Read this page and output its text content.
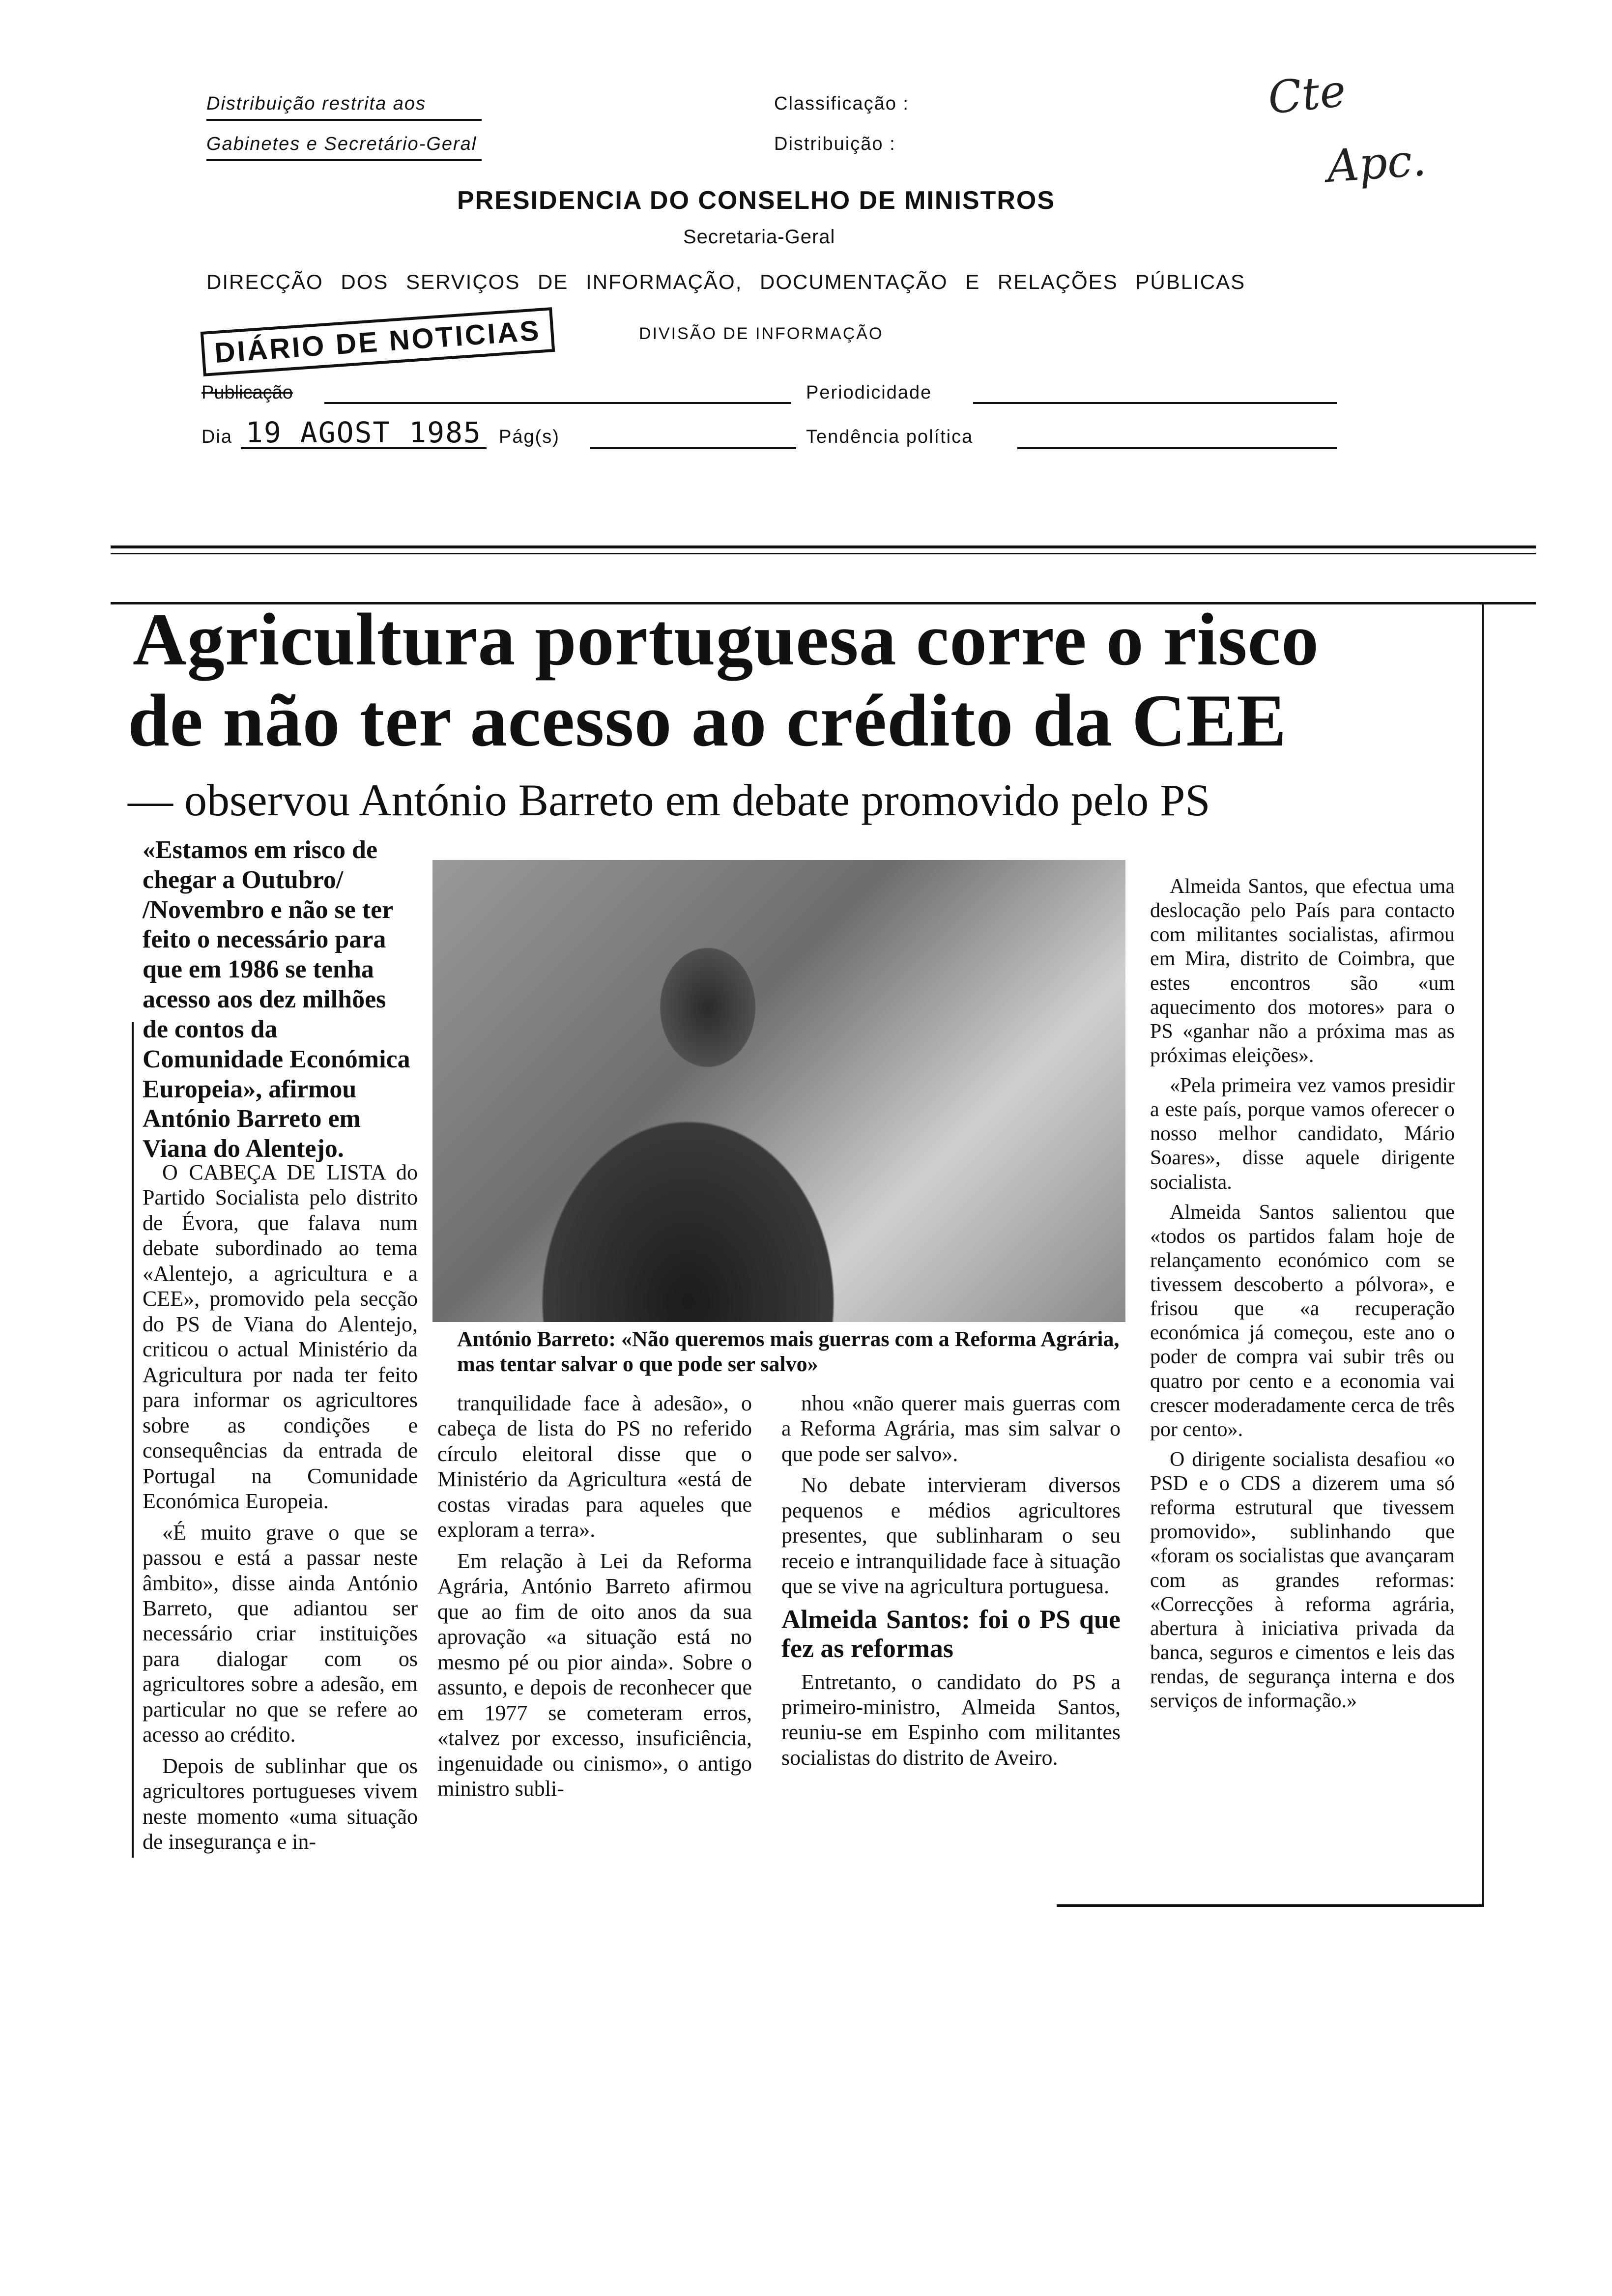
Distribuição restrita aos
Gabinetes e Secretário-Geral
Classificação :
Distribuição :
Cte
Apc.
PRESIDENCIA DO CONSELHO DE MINISTROS
Secretaria-Geral
DIRECÇÃO DOS SERVIÇOS DE INFORMAÇÃO, DOCUMENTAÇÃO E RELAÇÕES PÚBLICAS
DIÁRIO DE NOTICIAS	DIVISÃO DE INFORMAÇÃO
Publicação	Periodicidade
Dia 19 AGOST 1985 Pág(s)	Tendência política
Agricultura portuguesa corre o risco
de não ter acesso ao crédito da CEE
— observou António Barreto em debate promovido pelo PS
«Estamos em risco de chegar a Outubro/ /Novembro e não se ter feito o necessário para que em 1986 se tenha acesso aos dez milhões de contos da Comunidade Económica Europeia», afirmou António Barreto em Viana do Alentejo.
António Barreto: «Não queremos mais guerras com a Reforma Agrária, mas tentar salvar o que pode ser salvo»

O CABEÇA DE LISTA do Partido Socialista pelo distrito de Évora, que falava num debate subordinado ao tema «Alentejo, a agricultura e a CEE», promovido pela secção do PS de Viana do Alentejo, criticou o actual Ministério da Agricultura por nada ter feito para informar os agricultores sobre as condições e consequências da entrada de Portugal na Comunidade Económica Europeia.

«É muito grave o que se passou e está a passar neste âmbito», disse ainda António Barreto, que adiantou ser necessário criar instituições para dialogar com os agricultores sobre a adesão, em particular no que se refere ao acesso ao crédito.

Depois de sublinhar que os agricultores portugueses vivem neste momento «uma situação de insegurança e in-

tranquilidade face à adesão», o cabeça de lista do PS no referido círculo eleitoral disse que o Ministério da Agricultura «está de costas viradas para aqueles que exploram a terra».

Em relação à Lei da Reforma Agrária, António Barreto afirmou que ao fim de oito anos da sua aprovação «a situação está no mesmo pé ou pior ainda». Sobre o assunto, e depois de reconhecer que em 1977 se cometeram erros, «talvez por excesso, insuficiência, ingenuidade ou cinismo», o antigo ministro subli-

nhou «não querer mais guerras com a Reforma Agrária, mas sim salvar o que pode ser salvo».

No debate intervieram diversos pequenos e médios agricultores presentes, que sublinharam o seu receio e intranquilidade face à situação que se vive na agricultura portuguesa.

Almeida Santos: foi o PS que fez as reformas

Entretanto, o candidato do PS a primeiro-ministro, Almeida Santos, reuniu-se em Espinho com militantes socialistas do distrito de Aveiro.

Almeida Santos, que efectua uma deslocação pelo País para contacto com militantes socialistas, afirmou em Mira, distrito de Coimbra, que estes encontros são «um aquecimento dos motores» para o PS «ganhar não a próxima mas as próximas eleições».

«Pela primeira vez vamos presidir a este país, porque vamos oferecer o nosso melhor candidato, Mário Soares», disse aquele dirigente socialista.

Almeida Santos salientou que «todos os partidos falam hoje de relançamento económico com se tivessem descoberto a pólvora», e frisou que «a recuperação económica já começou, este ano o poder de compra vai subir três ou quatro por cento e a economia vai crescer moderadamente cerca de três por cento».

O dirigente socialista desafiou «o PSD e o CDS a dizerem uma só reforma estrutural que tivessem promovido», sublinhando que «foram os socialistas que avançaram com as grandes reformas: «Correcções à reforma agrária, abertura à iniciativa privada da banca, seguros e cimentos e leis das rendas, de segurança interna e dos serviços de informação.»
